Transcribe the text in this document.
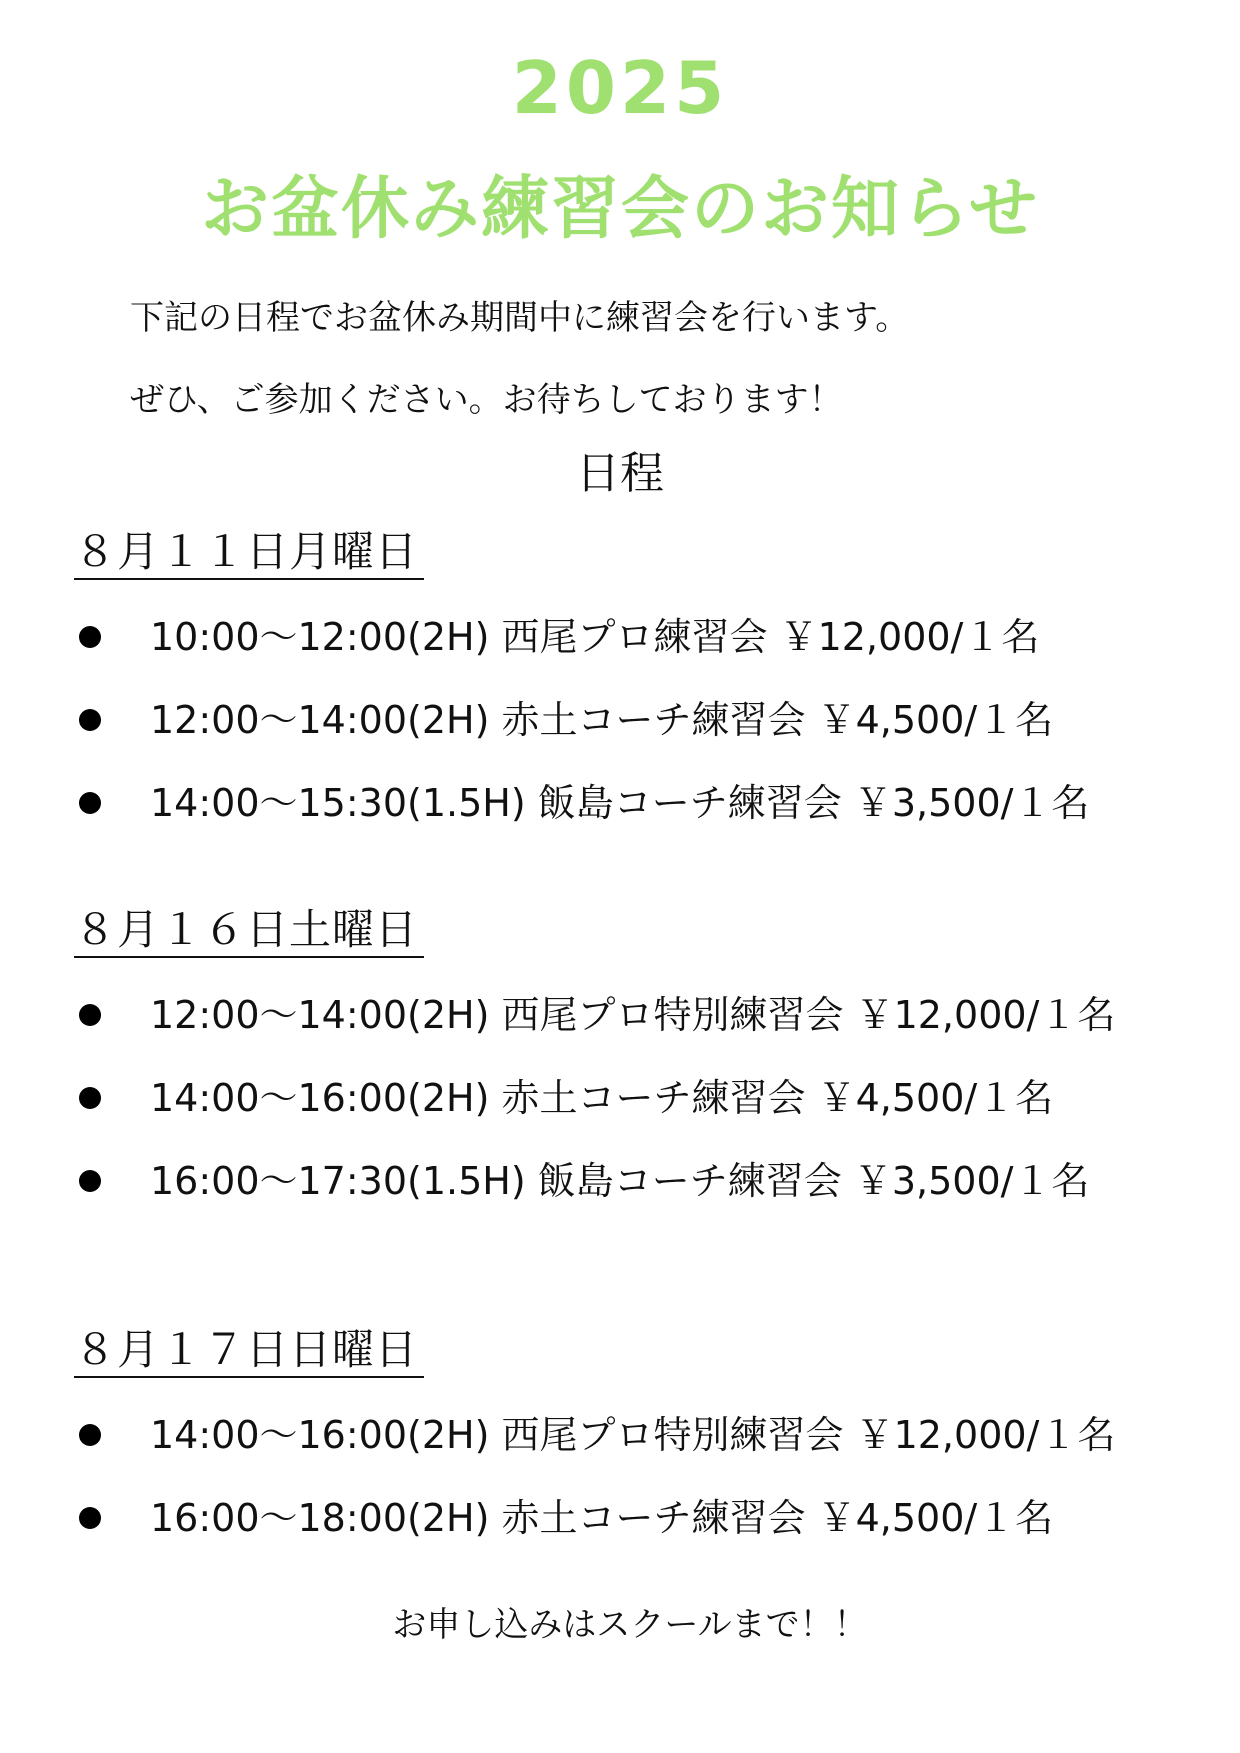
2025
お盆休み練習会のお知らせ
下記の日程でお盆休み期間中に練習会を行います。
ぜひ、ご参加ください。お待ちしております！
日程
８月１１日月曜日
10:00～12:00(2H) 西尾プロ練習会 ￥12,000/１名
12:00～14:00(2H) 赤土コーチ練習会 ￥4,500/１名
14:00～15:30(1.5H) 飯島コーチ練習会 ￥3,500/１名
８月１６日土曜日
12:00～14:00(2H) 西尾プロ特別練習会 ￥12,000/１名
14:00～16:00(2H) 赤土コーチ練習会 ￥4,500/１名
16:00～17:30(1.5H) 飯島コーチ練習会 ￥3,500/１名
８月１７日日曜日
14:00～16:00(2H) 西尾プロ特別練習会 ￥12,000/１名
16:00～18:00(2H) 赤土コーチ練習会 ￥4,500/１名
お申し込みはスクールまで！！
